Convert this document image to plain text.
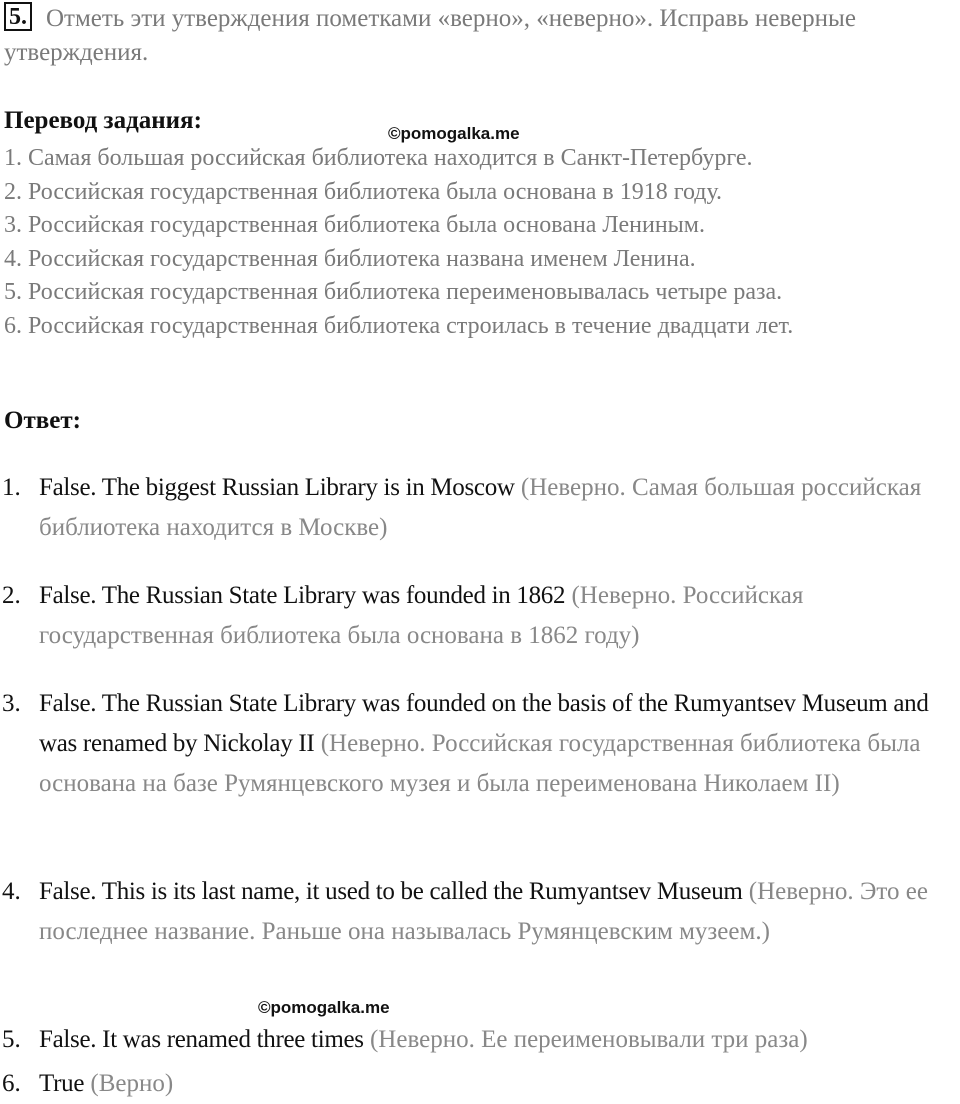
5. Отметь эти утверждения пометками «верно», «неверно». Исправь неверные утверждения.
Перевод задания:	©pomogalka.me
1. Самая большая российская библиотека находится в Санкт-Петербурге.
2. Российская государственная библиотека была основана в 1918 году.
3. Российская государственная библиотека была основана Лениным.
4. Российская государственная библиотека названа именем Ленина.
5. Российская государственная библиотека переименовывалась четыре раза.
6. Российская государственная библиотека строилась в течение двадцати лет.
Ответ:
1. False. The biggest Russian Library is in Moscow (Неверно. Самая большая российская библиотека находится в Москве)
2. False. The Russian State Library was founded in 1862 (Неверно. Российская государственная библиотека была основана в 1862 году)
3. False. The Russian State Library was founded on the basis of the Rumyantsev Museum and was renamed by Nickolay II (Неверно. Российская государственная библиотека была основана на базе Румянцевского музея и была переименована Николаем II)
4. False. This is its last name, it used to be called the Rumyantsev Museum (Неверно. Это ее последнее название. Раньше она называлась Румянцевским музеем.)
©pomogalka.me
5. False. It was renamed three times (Неверно. Ее переименовывали три раза)
6. True (Верно)
